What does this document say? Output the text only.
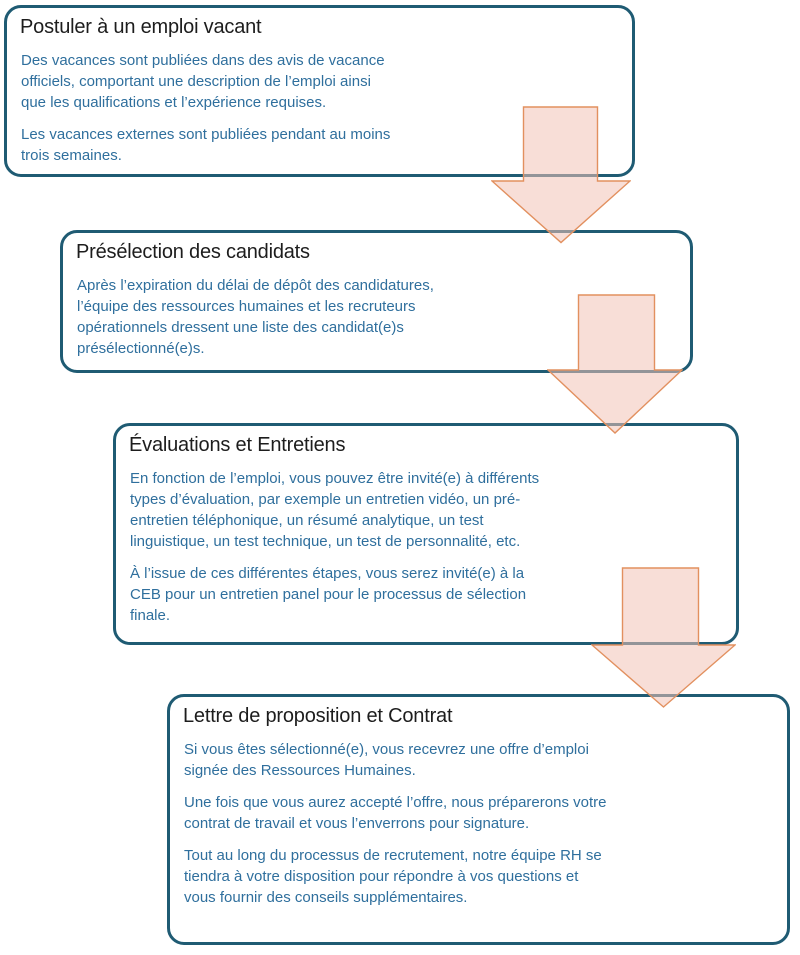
Postuler à un emploi vacant

Des vacances sont publiées dans des avis de vacance officiels, comportant une description de l’emploi ainsi que les qualifications et l’expérience requises.

Les vacances externes sont publiées pendant au moins trois semaines.

Présélection des candidats

Après l’expiration du délai de dépôt des candidatures, l’équipe des ressources humaines et les recruteurs opérationnels dressent une liste des candidat(e)s présélectionné(e)s.

Évaluations et Entretiens

En fonction de l’emploi, vous pouvez être invité(e) à différents types d’évaluation, par exemple un entretien vidéo, un pré-entretien téléphonique, un résumé analytique, un test linguistique, un test technique, un test de personnalité, etc.

À l’issue de ces différentes étapes, vous serez invité(e) à la CEB pour un entretien panel pour le processus de sélection finale.

Lettre de proposition et Contrat

Si vous êtes sélectionné(e), vous recevrez une offre d’emploi signée des Ressources Humaines.

Une fois que vous aurez accepté l’offre, nous préparerons votre contrat de travail et vous l’enverrons pour signature.

Tout au long du processus de recrutement, notre équipe RH se tiendra à votre disposition pour répondre à vos questions et vous fournir des conseils supplémentaires.
